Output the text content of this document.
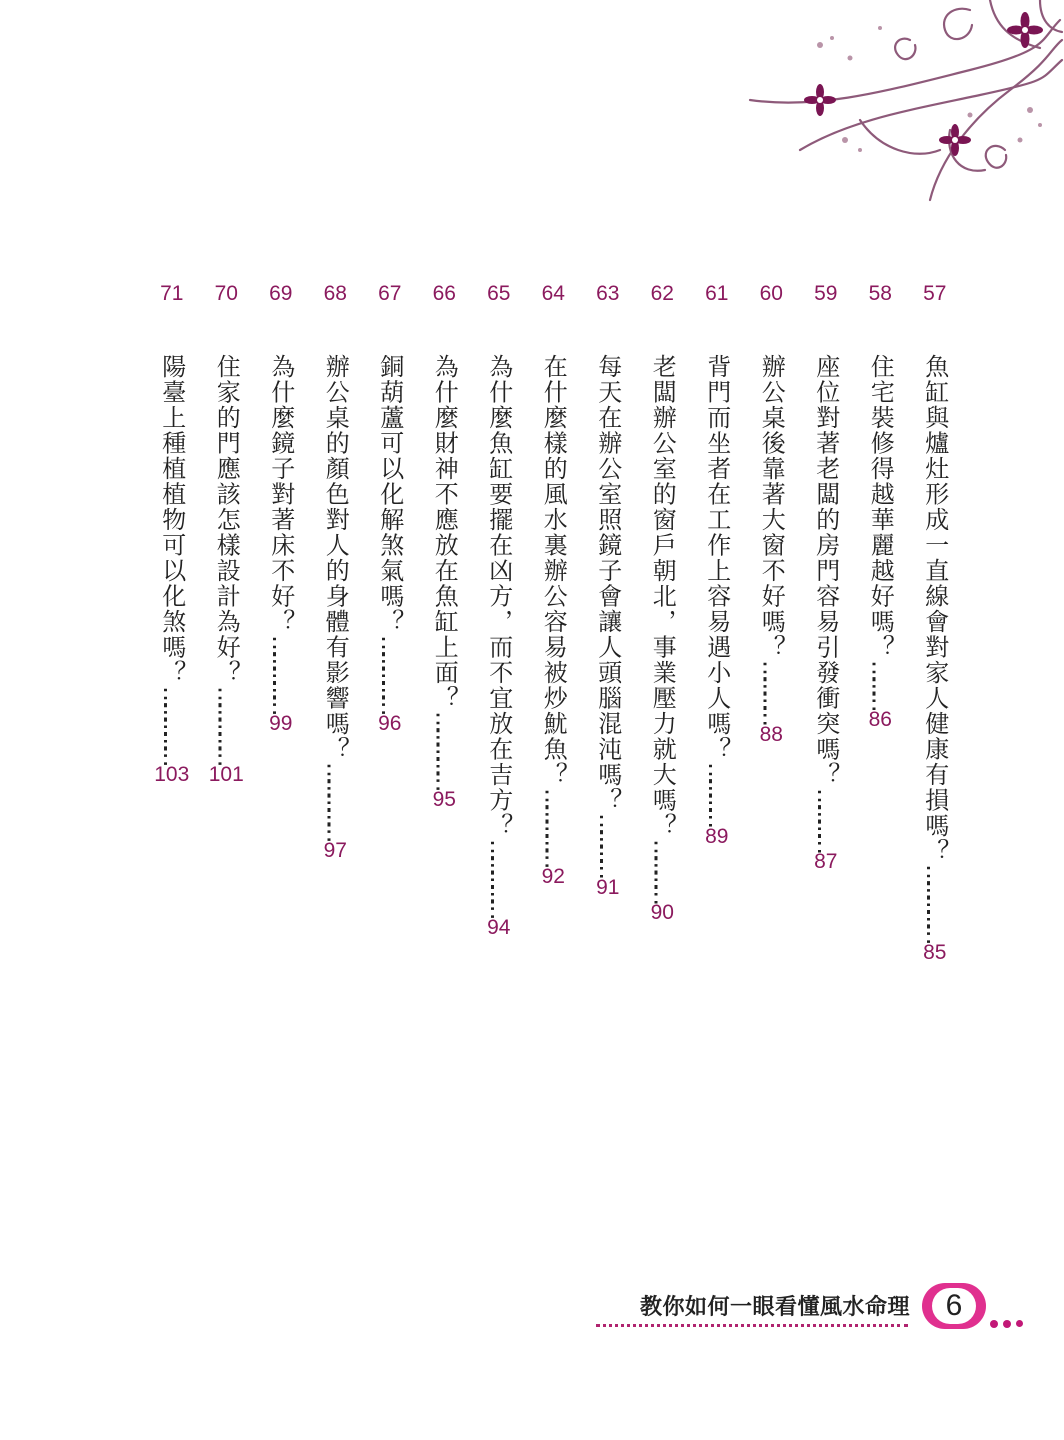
57
魚缸與爐灶形成一直線會對家人健康有損嗎？
……………
85
58
住宅裝修得越華麗越好嗎？
………
86
59
座位對著老闆的房門容易引發衝突嗎？
…………
87
60
辦公桌後靠著大窗不好嗎？
…………
88
61
背門而坐者在工作上容易遇小人嗎？
…………
89
62
老闆辦公室的窗戶朝北，事業壓力就大嗎？
…………
90
63
每天在辦公室照鏡子會讓人頭腦混沌嗎？
…………
91
64
在什麼樣的風水裏辦公容易被炒魷魚？
……………
92
65
為什麼魚缸要擺在凶方，而不宜放在吉方？
……………
94
66
為什麼財神不應放在魚缸上面？
……………
95
67
銅葫蘆可以化解煞氣嗎？
……………
96
68
辦公桌的顏色對人的身體有影響嗎？
……………
97
69
為什麼鏡子對著床不好？
……………
99
70
住家的門應該怎樣設計為好？
……………
101
71
陽臺上種植植物可以化煞嗎？
……………
103
教你如何一眼看懂風水命理	6
